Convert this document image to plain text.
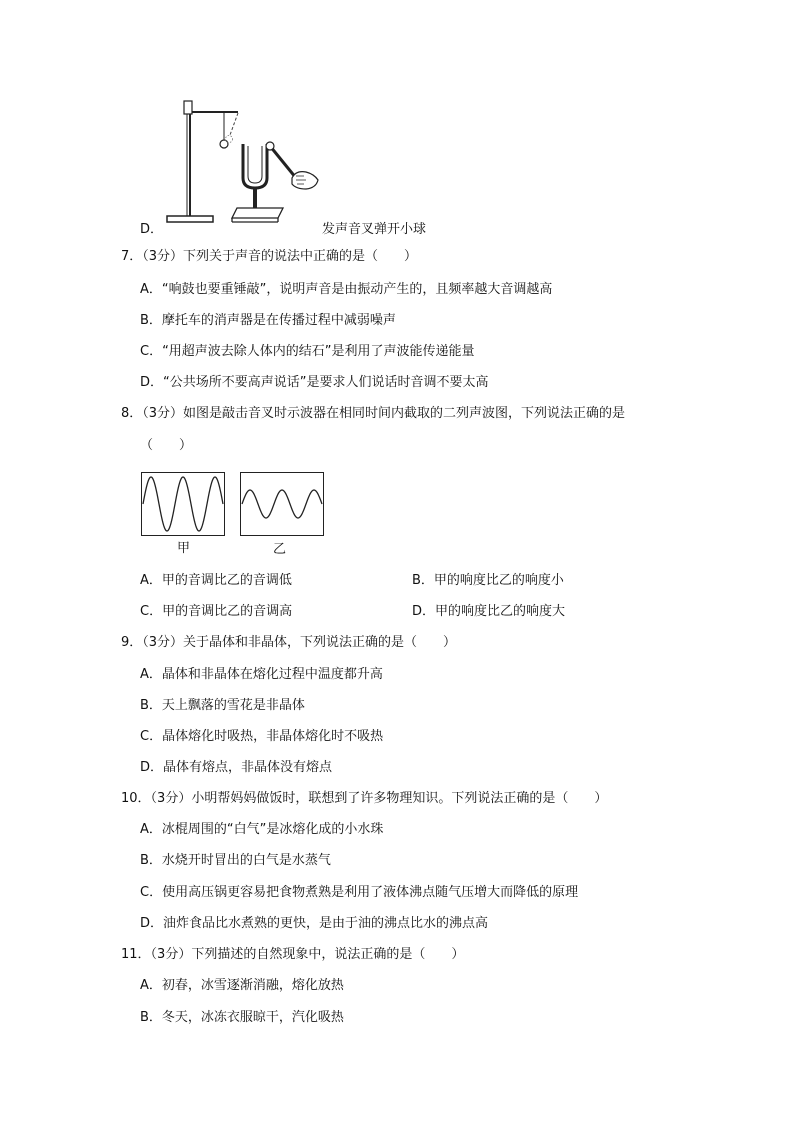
D．	发声音叉弹开小球
7．（3分）下列关于声音的说法中正确的是（　　）
A．“响鼓也要重锤敲”，说明声音是由振动产生的，且频率越大音调越高
B．摩托车的消声器是在传播过程中减弱噪声
C．“用超声波去除人体内的结石”是利用了声波能传递能量
D．“公共场所不要高声说话”是要求人们说话时音调不要太高
8．（3分）如图是敲击音叉时示波器在相同时间内截取的二列声波图，下列说法正确的是
（　　）
甲	乙
A．甲的音调比乙的音调低	B．甲的响度比乙的响度小
C．甲的音调比乙的音调高	D．甲的响度比乙的响度大
9．（3分）关于晶体和非晶体，下列说法正确的是（　　）
A．晶体和非晶体在熔化过程中温度都升高
B．天上飘落的雪花是非晶体
C．晶体熔化时吸热，非晶体熔化时不吸热
D．晶体有熔点，非晶体没有熔点
10．（3分）小明帮妈妈做饭时，联想到了许多物理知识。下列说法正确的是（　　）
A．冰棍周围的“白气”是冰熔化成的小水珠
B．水烧开时冒出的白气是水蒸气
C．使用高压锅更容易把食物煮熟是利用了液体沸点随气压增大而降低的原理
D．油炸食品比水煮熟的更快，是由于油的沸点比水的沸点高
11．（3分）下列描述的自然现象中，说法正确的是（　　）
A．初春，冰雪逐渐消融，熔化放热
B．冬天，冰冻衣服晾干，汽化吸热
